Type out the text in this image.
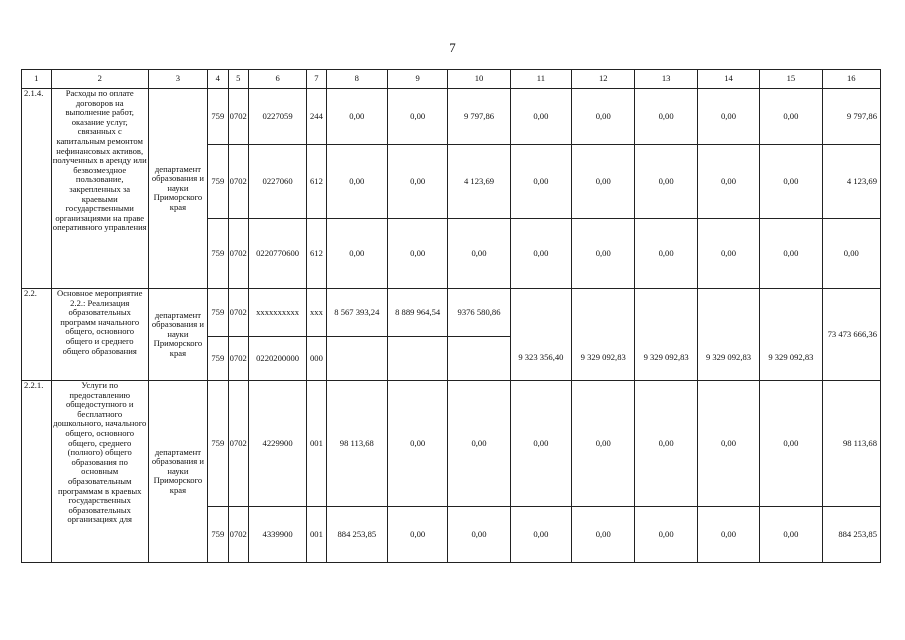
7
1	2	3	4	5	6	7	8	9	10	11	12	13	14	15	16
2.1.4.	Расходы по оплате договоров на выполнение работ, оказание услуг, связанных с капитальным ремонтом нефинансовых активов, полученных в аренду или безвозмездное пользование, закрепленных за краевыми государственными организациями на праве оперативного управления	департамент образования и науки Приморского края	759	0702	0227059	244	0,00	0,00	9 797,86	0,00	0,00	0,00	0,00	0,00	9 797,86
			759	0702	0227060	612	0,00	0,00	4 123,69	0,00	0,00	0,00	0,00	0,00	4 123,69
			759	0702	0220770600	612	0,00	0,00	0,00	0,00	0,00	0,00	0,00	0,00	0,00
2.2.	Основное мероприятие 2.2.: Реализация образовательных программ начального общего, основного общего и среднего общего образования	департамент образования и науки Приморского края	759	0702	xxxxxxxxxx	xxx	8 567 393,24	8 889 964,54	9376 580,86						73 473 666,36
			759	0702	0220200000	000				9 323 356,40	9 329 092,83	9 329 092,83	9 329 092,83	9 329 092,83	
2.2.1.	Услуги по предоставлению общедоступного и бесплатного дошкольного, начального общего, основного общего, среднего (полного) общего образования по основным образовательным программам в краевых государственных образовательных организациях для	департамент образования и науки Приморского края	759	0702	4229900	001	98 113,68	0,00	0,00	0,00	0,00	0,00	0,00	0,00	98 113,68
			759	0702	4339900	001	884 253,85	0,00	0,00	0,00	0,00	0,00	0,00	0,00	884 253,85
